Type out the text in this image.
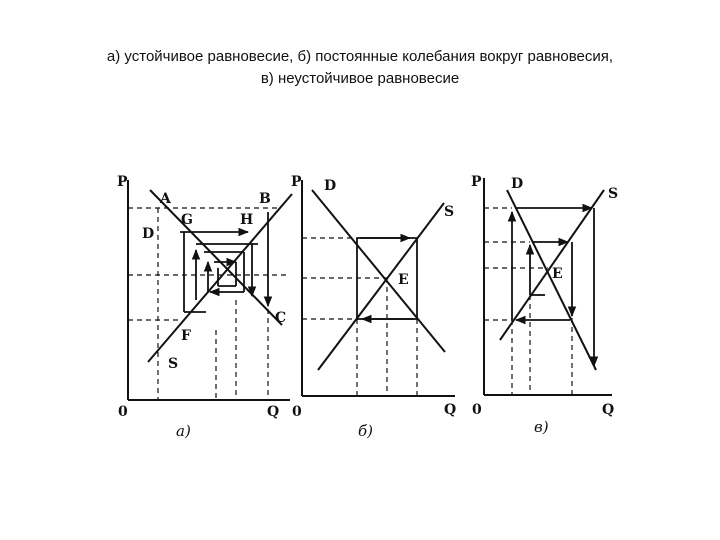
а) устойчивое равновесие, б) постоянные колебания вокруг равновесия,
в) неустойчивое равновесие
P
Q
0
A	B
G	H
D
C
F
S
а)
P
Q
0
D
S
E
б)
P
Q
0
D
S
E
в)
